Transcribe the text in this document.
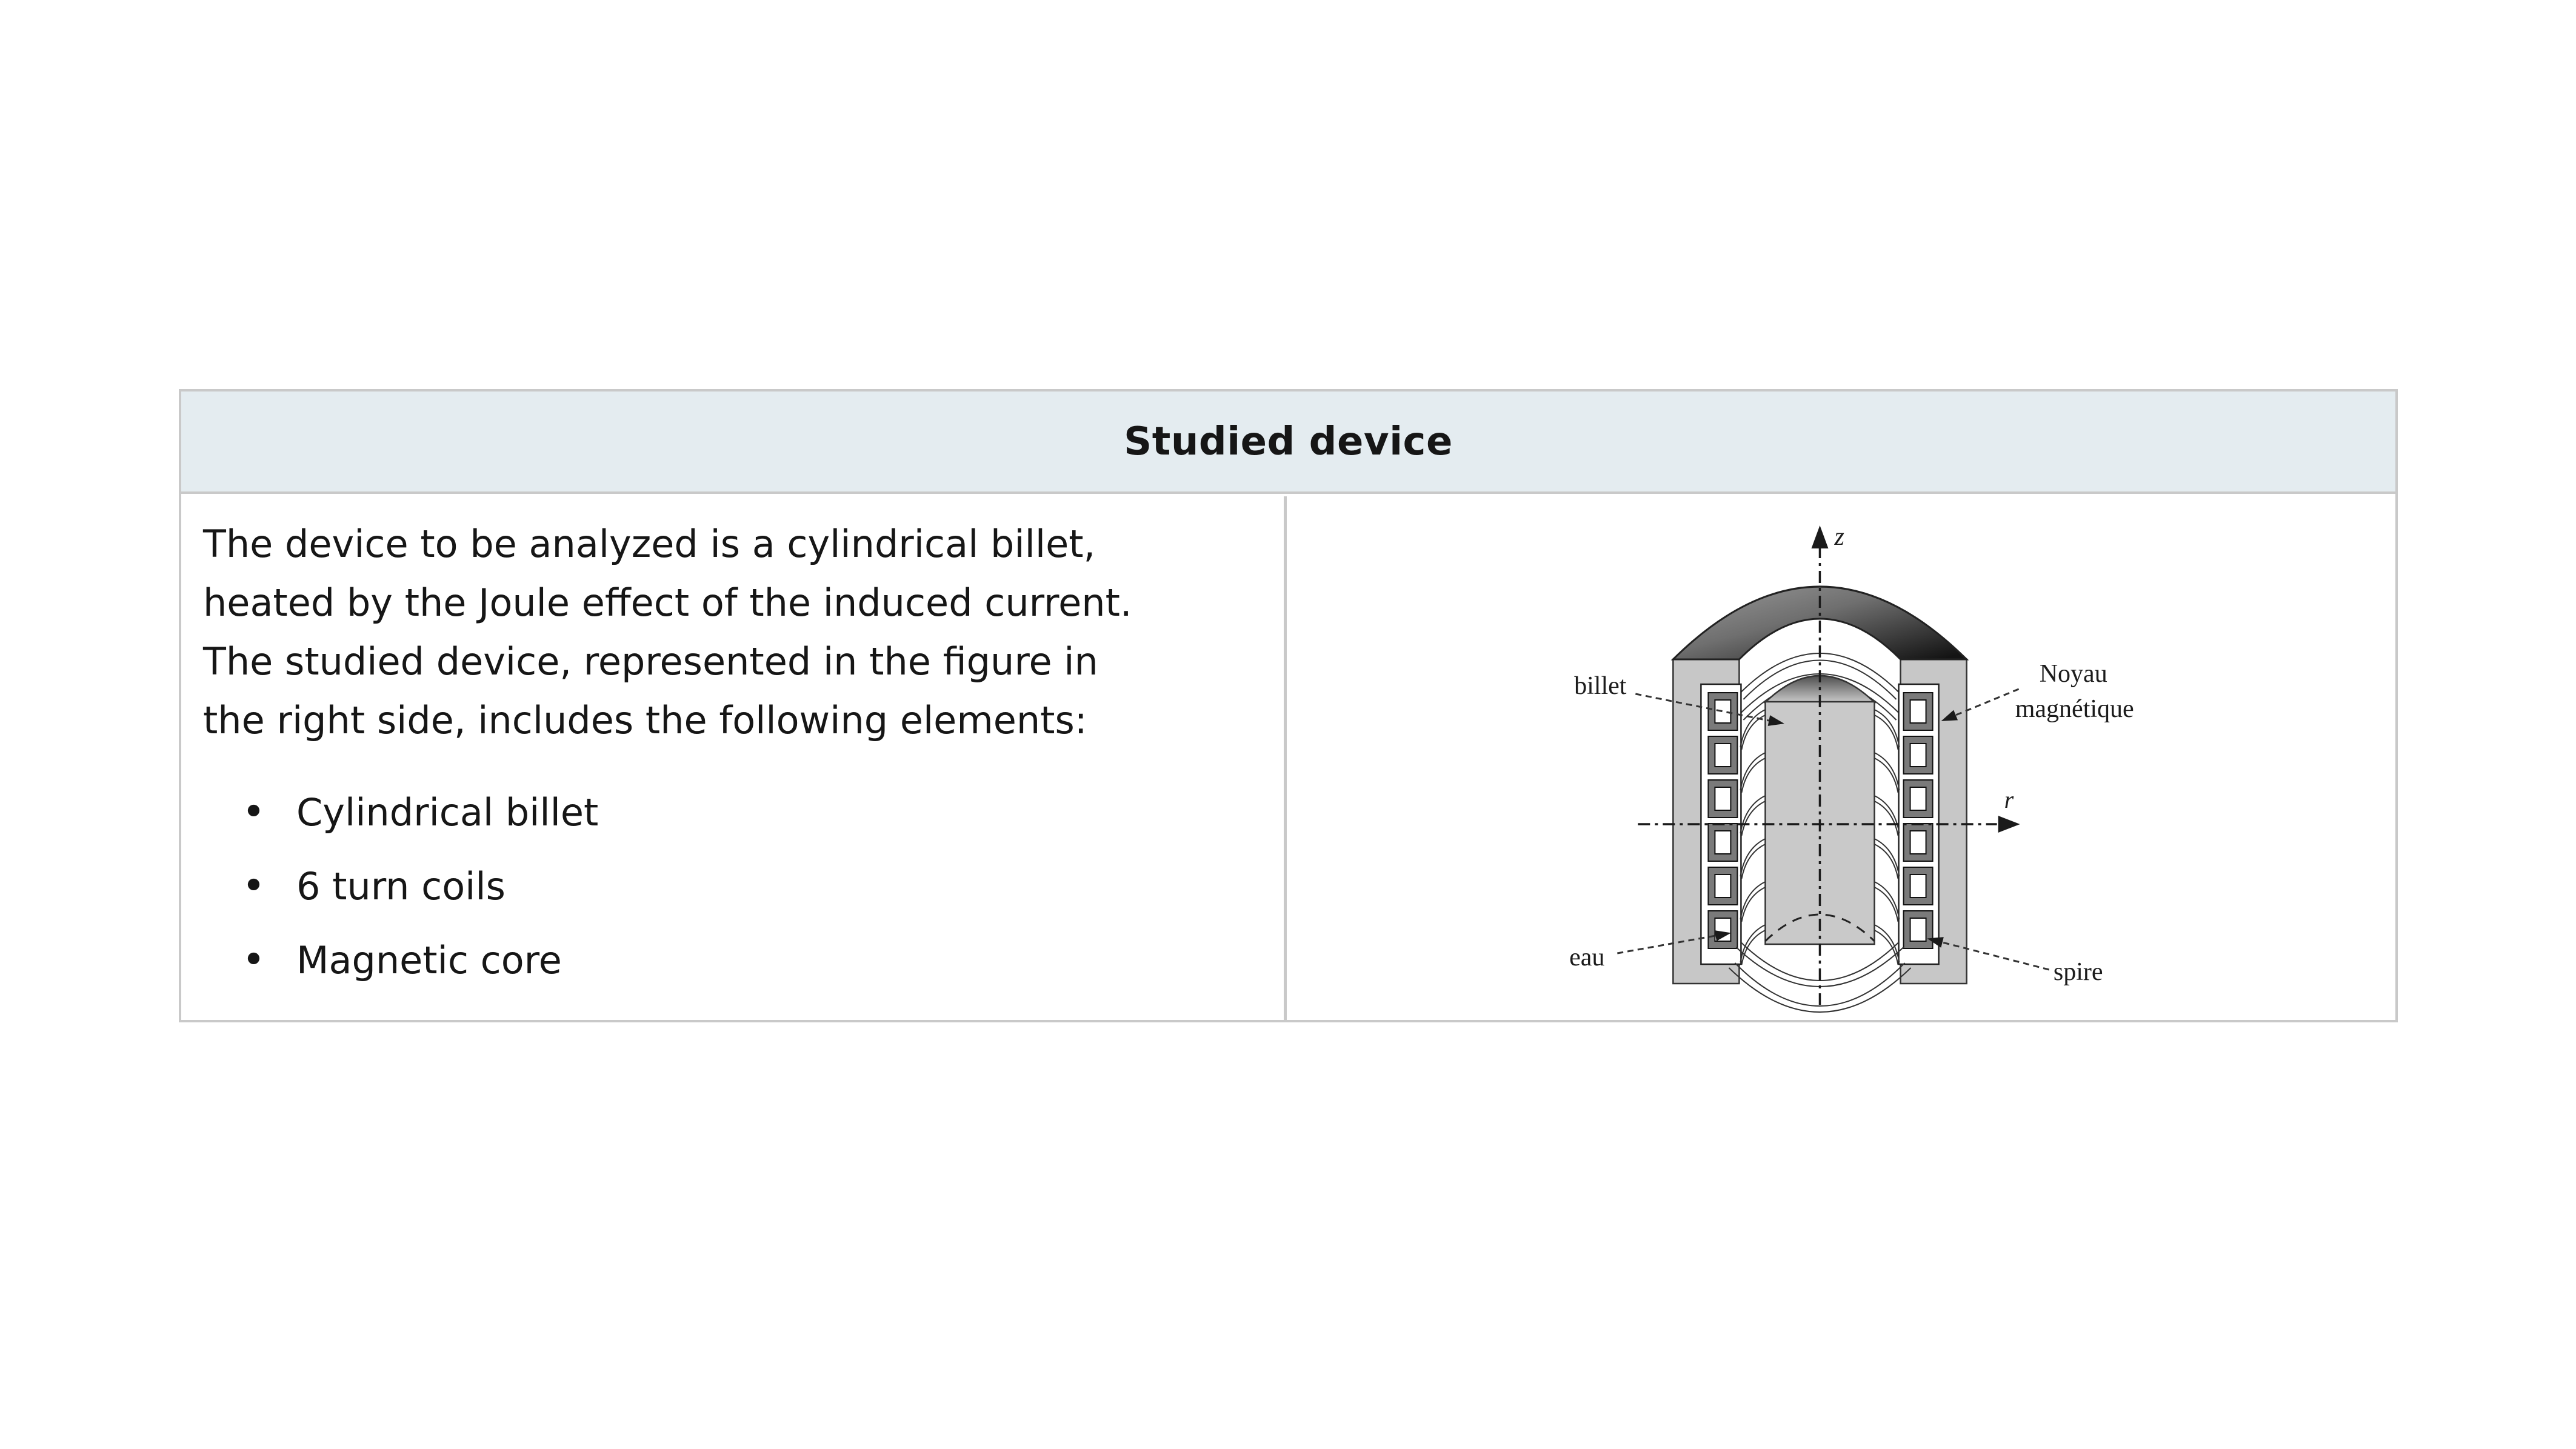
Studied device
The device to be analyzed is a cylindrical billet,
heated by the Joule effect of the induced current.
The studied device, represented in the figure in
the right side, includes the following elements:
• Cylindrical billet
• 6 turn coils
• Magnetic core
z
r
billet	Noyau
magnétique
eau
spire
